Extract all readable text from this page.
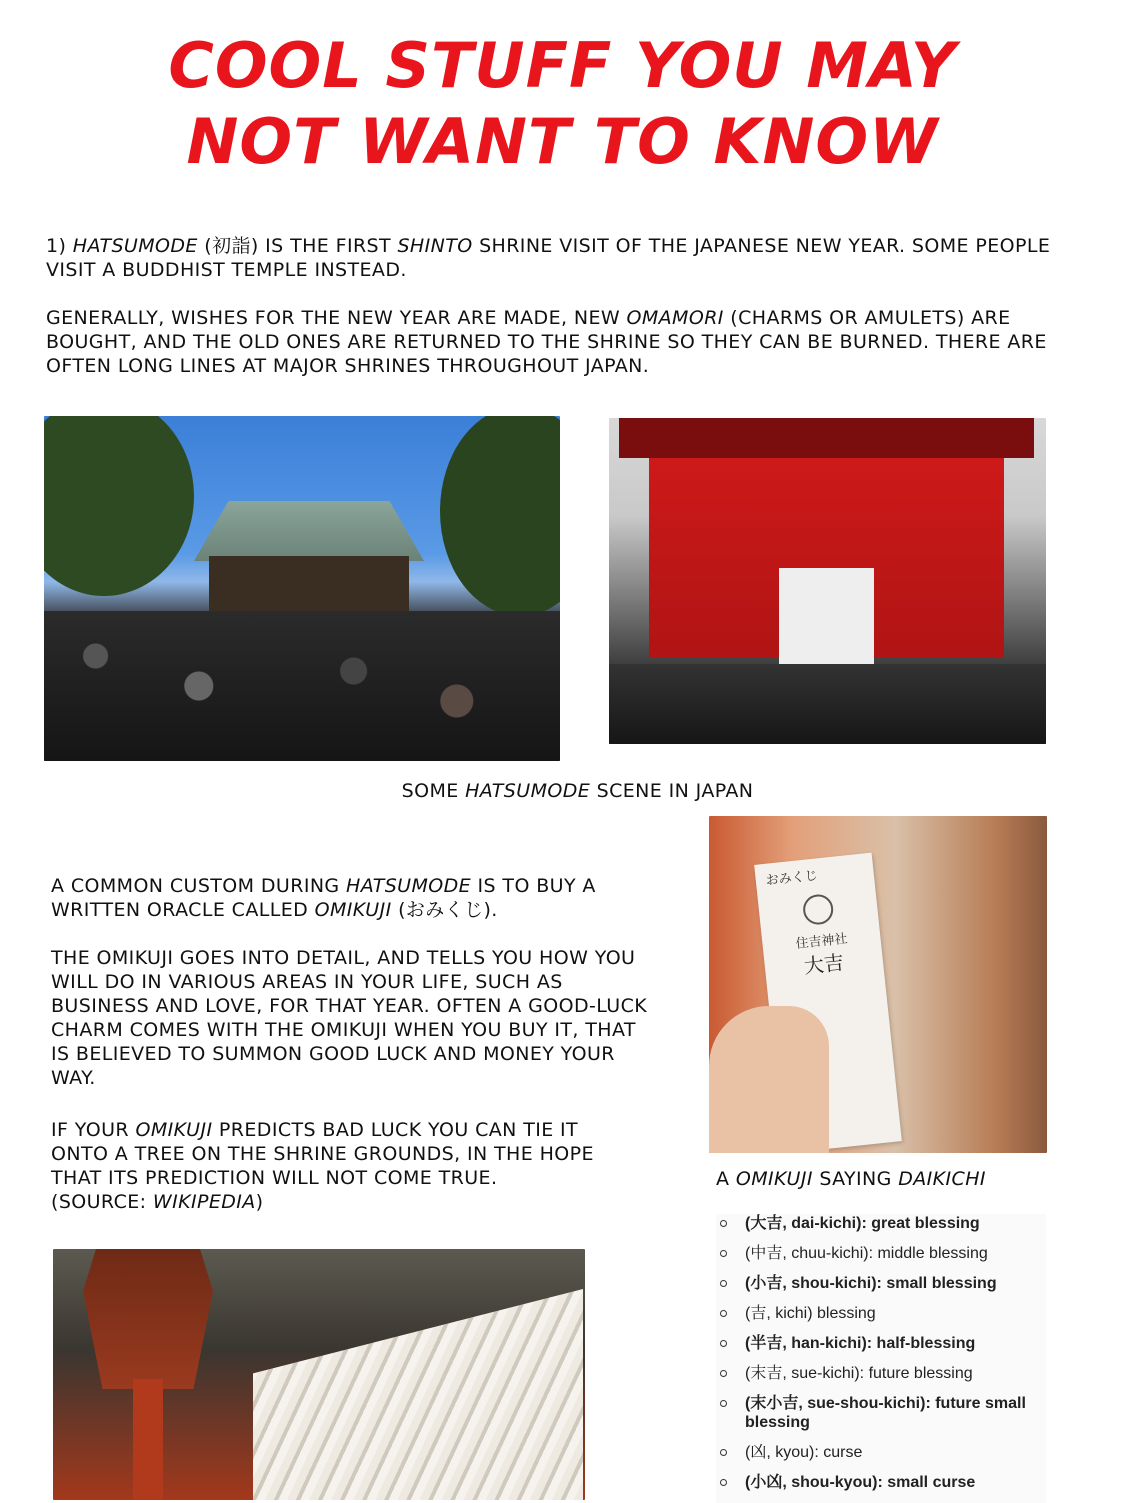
COOL STUFF YOU MAY
NOT WANT TO KNOW

1) HATSUMODE (初詣) IS THE FIRST SHINTO SHRINE VISIT OF THE JAPANESE NEW YEAR. SOME PEOPLE VISIT A BUDDHIST TEMPLE INSTEAD.

GENERALLY, WISHES FOR THE NEW YEAR ARE MADE, NEW OMAMORI (CHARMS OR AMULETS) ARE BOUGHT, AND THE OLD ONES ARE RETURNED TO THE SHRINE SO THEY CAN BE BURNED. THERE ARE OFTEN LONG LINES AT MAJOR SHRINES THROUGHOUT JAPAN.

SOME HATSUMODE SCENE IN JAPAN

A COMMON CUSTOM DURING HATSUMODE IS TO BUY A WRITTEN ORACLE CALLED OMIKUJI (おみくじ).

THE OMIKUJI GOES INTO DETAIL, AND TELLS YOU HOW YOU WILL DO IN VARIOUS AREAS IN YOUR LIFE, SUCH AS BUSINESS AND LOVE, FOR THAT YEAR. OFTEN A GOOD-LUCK CHARM COMES WITH THE OMIKUJI WHEN YOU BUY IT, THAT IS BELIEVED TO SUMMON GOOD LUCK AND MONEY YOUR WAY.

IF YOUR OMIKUJI PREDICTS BAD LUCK YOU CAN TIE IT ONTO A TREE ON THE SHRINE GROUNDS, IN THE HOPE THAT ITS PREDICTION WILL NOT COME TRUE.
(SOURCE: WIKIPEDIA)

おみくじ
住吉神社
大吉
A OMIKUJI SAYING DAIKICHI
(大吉, dai-kichi): great blessing
(中吉, chuu-kichi): middle blessing
(小吉, shou-kichi): small blessing
(吉, kichi) blessing
(半吉, han-kichi): half-blessing
(末吉, sue-kichi): future blessing
(末小吉, sue-shou-kichi): future small blessing
(凶, kyou): curse
(小凶, shou-kyou): small curse
